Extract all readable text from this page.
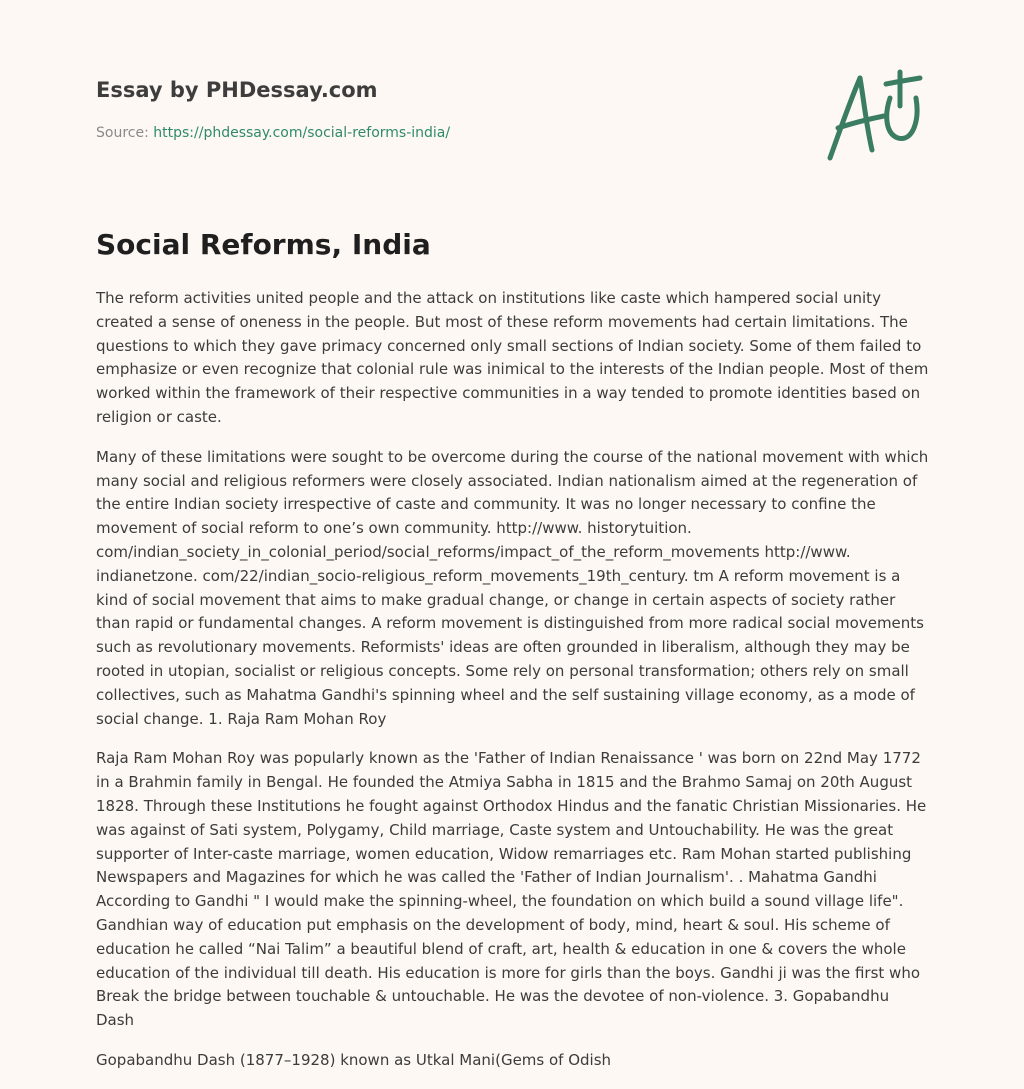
Essay by PHDessay.com
Source: https://phdessay.com/social-reforms-india/
Social Reforms, India

The reform activities united people and the attack on institutions like caste which hampered social unity created a sense of oneness in the people. But most of these reform movements had certain limitations. The questions to which they gave primacy concerned only small sections of Indian society. Some of them failed to emphasize or even recognize that colonial rule was inimical to the interests of the Indian people. Most of them worked within the framework of their respective communities in a way tended to promote identities based on religion or caste.

Many of these limitations were sought to be overcome during the course of the national movement with which many social and religious reformers were closely associated. Indian nationalism aimed at the regeneration of the entire Indian society irrespective of caste and community. It was no longer necessary to confine the movement of social reform to one’s own community. http://www. historytuition. com/indian_society_in_colonial_period/social_reforms/impact_of_the_reform_movements http://www. indianetzone. com/22/indian_socio-religious_reform_movements_19th_century. tm A reform movement is a kind of social movement that aims to make gradual change, or change in certain aspects of society rather than rapid or fundamental changes. A reform movement is distinguished from more radical social movements such as revolutionary movements. Reformists' ideas are often grounded in liberalism, although they may be rooted in utopian, socialist or religious concepts. Some rely on personal transformation; others rely on small collectives, such as Mahatma Gandhi's spinning wheel and the self sustaining village economy, as a mode of social change. 1. Raja Ram Mohan Roy

Raja Ram Mohan Roy was popularly known as the 'Father of Indian Renaissance ' was born on 22nd May 1772 in a Brahmin family in Bengal. He founded the Atmiya Sabha in 1815 and the Brahmo Samaj on 20th August 1828. Through these Institutions he fought against Orthodox Hindus and the fanatic Christian Missionaries. He was against of Sati system, Polygamy, Child marriage, Caste system and Untouchability. He was the great supporter of Inter-caste marriage, women education, Widow remarriages etc. Ram Mohan started publishing Newspapers and Magazines for which he was called the 'Father of Indian Journalism'. . Mahatma Gandhi According to Gandhi " I would make the spinning-wheel, the foundation on which build a sound village life". Gandhian way of education put emphasis on the development of body, mind, heart & soul. His scheme of education he called “Nai Talim” a beautiful blend of craft, art, health & education in one & covers the whole education of the individual till death. His education is more for girls than the boys. Gandhi ji was the first who Break the bridge between touchable & untouchable. He was the devotee of non-violence. 3. Gopabandhu Dash

Gopabandhu Dash (1877–1928) known as Utkal Mani(Gems of Odish
